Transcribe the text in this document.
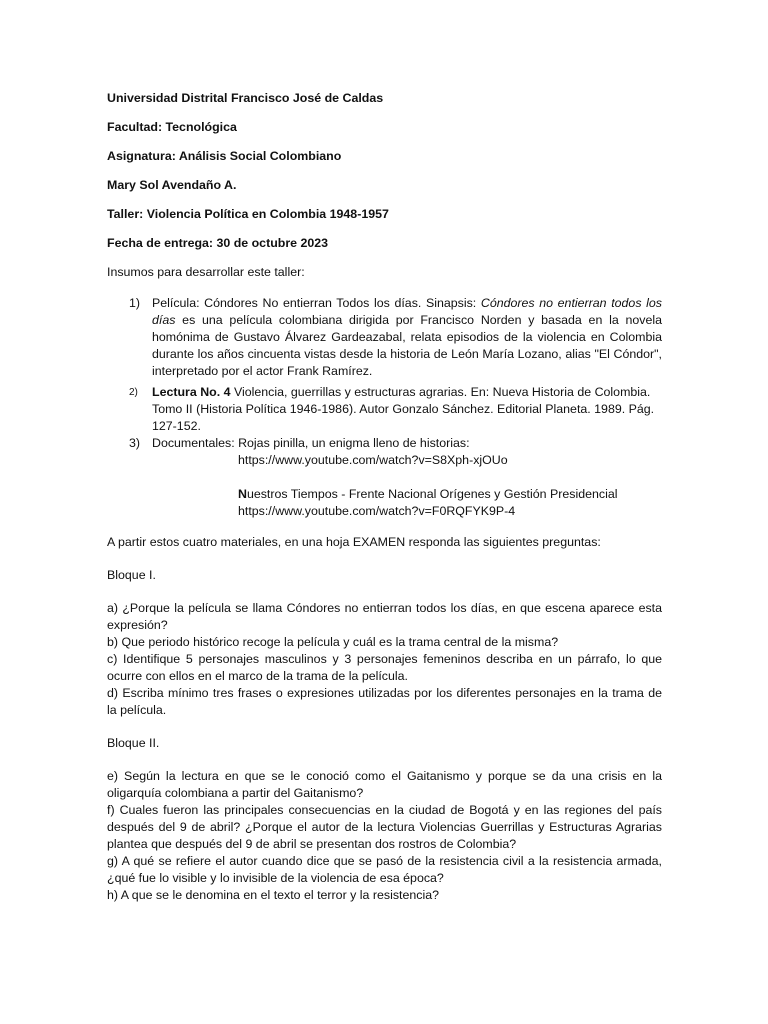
Universidad Distrital Francisco José de Caldas
Facultad: Tecnológica
Asignatura: Análisis Social Colombiano
Mary Sol Avendaño A.
Taller: Violencia Política en Colombia 1948-1957
Fecha de entrega: 30 de octubre 2023
Insumos para desarrollar este taller:
1) Película: Cóndores No entierran Todos los días. Sinapsis: Cóndores no entierran todos los días es una película colombiana dirigida por Francisco Norden y basada en la novela homónima de Gustavo Álvarez Gardeazabal, relata episodios de la violencia en Colombia durante los años cincuenta vistas desde la historia de León María Lozano, alias "El Cóndor", interpretado por el actor Frank Ramírez.
2)	Lectura No. 4 Violencia, guerrillas y estructuras agrarias. En: Nueva Historia de Colombia. Tomo II (Historia Política 1946-1986). Autor Gonzalo Sánchez. Editorial Planeta. 1989. Pág. 127-152.
3) Documentales: Rojas pinilla, un enigma lleno de historias:
https://www.youtube.com/watch?v=S8Xph-xjOUo
Nuestros Tiempos - Frente Nacional Orígenes y Gestión Presidencial
https://www.youtube.com/watch?v=F0RQFYK9P-4
A partir estos cuatro materiales, en una hoja EXAMEN responda las siguientes preguntas:
Bloque I.
a) ¿Porque la película se llama Cóndores no entierran todos los días, en que escena aparece esta expresión?
b) Que periodo histórico recoge la película y cuál es la trama central de la misma?
c) Identifique 5 personajes masculinos y 3 personajes femeninos describa en un párrafo, lo que ocurre con ellos en el marco de la trama de la película.
d) Escriba mínimo tres frases o expresiones utilizadas por los diferentes personajes en la trama de la película.
Bloque II.
e) Según la lectura en que se le conoció como el Gaitanismo y porque se da una crisis en la oligarquía colombiana a partir del Gaitanismo?
f) Cuales fueron las principales consecuencias en la ciudad de Bogotá y en las regiones del país después del 9 de abril? ¿Porque el autor de la lectura Violencias Guerrillas y Estructuras Agrarias plantea que después del 9 de abril se presentan dos rostros de Colombia?
g) A qué se refiere el autor cuando dice que se pasó de la resistencia civil a la resistencia armada, ¿qué fue lo visible y lo invisible de la violencia de esa época?
h) A que se le denomina en el texto el terror y la resistencia?
